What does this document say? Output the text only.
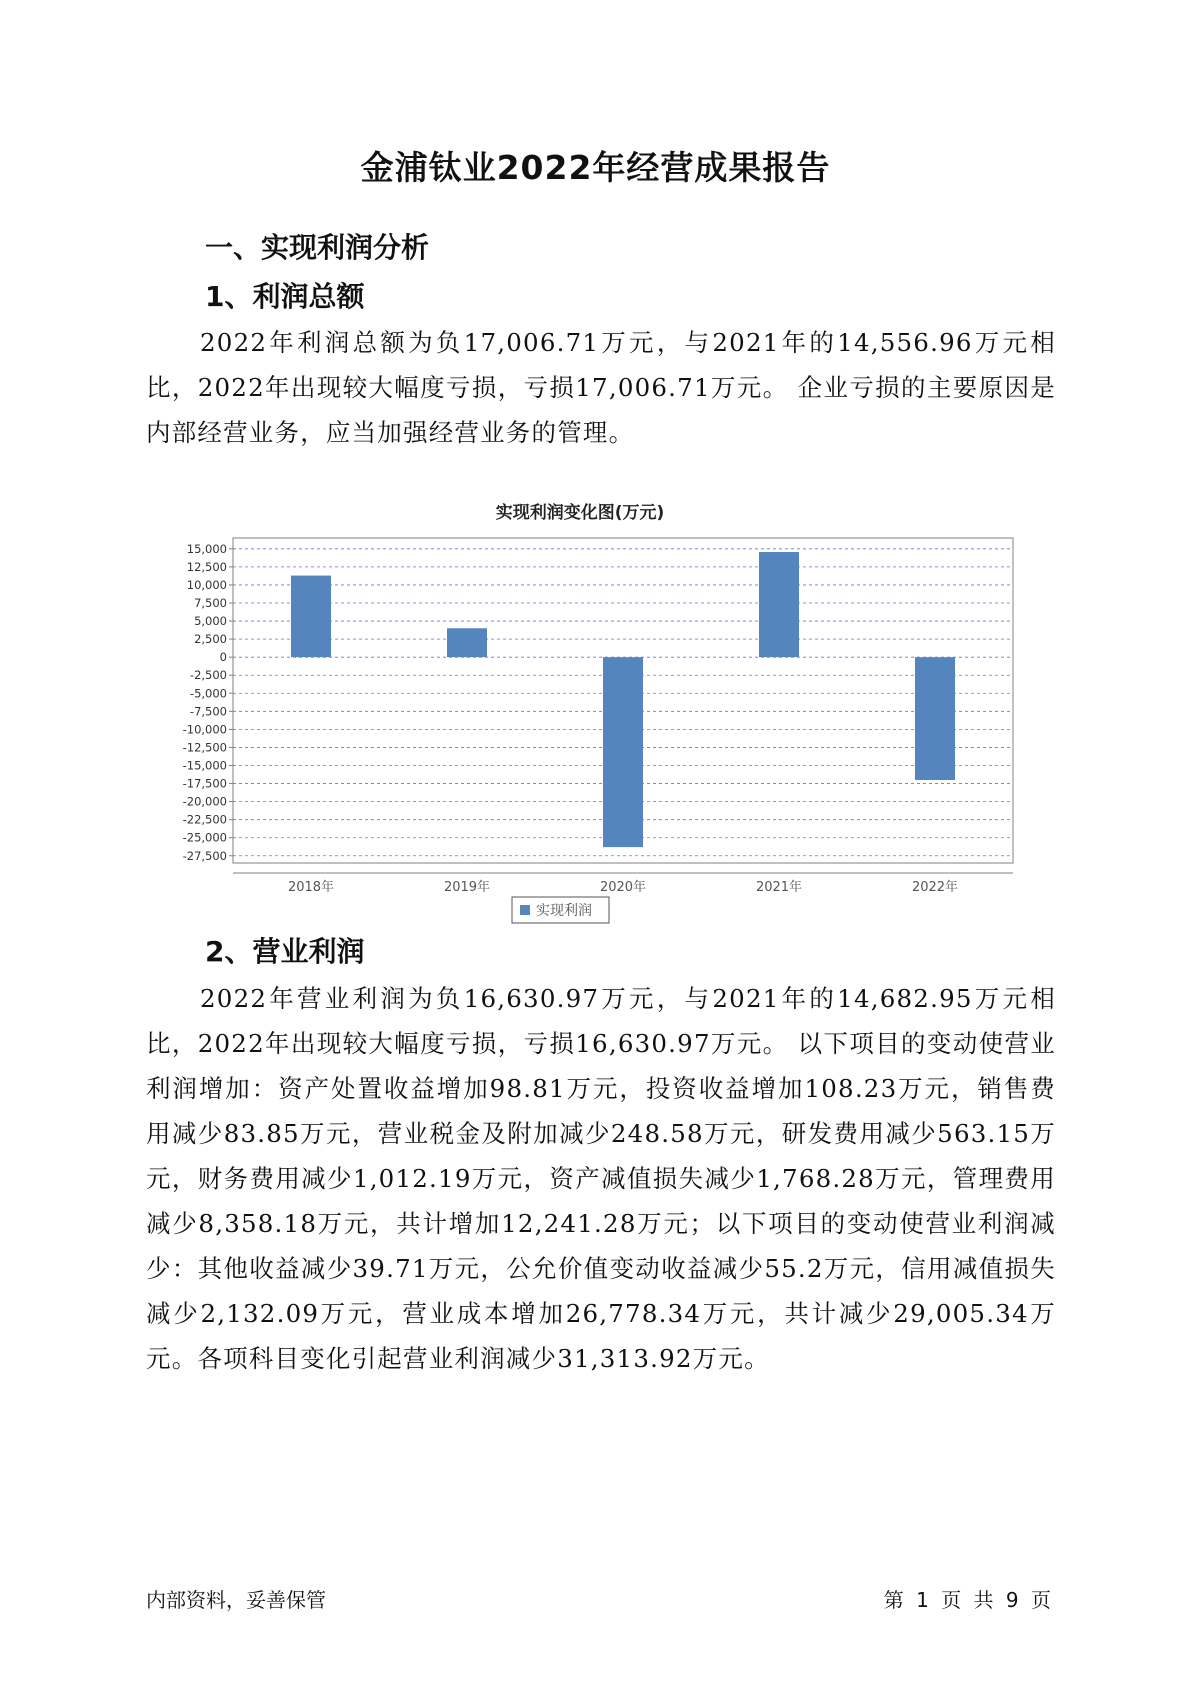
金浦钛业2022年经营成果报告
一、实现利润分析
1、利润总额

2022年利润总额为负17,006.71万元，与2021年的14,556.96万元相比，2022年出现较大幅度亏损，亏损17,006.71万元。 企业亏损的主要原因是内部经营业务，应当加强经营业务的管理。

实现利润变化图(万元)
15,000
12,500
10,000
7,500
5,000
2,500
0
-2,500
-5,000
-7,500
-10,000
-12,500
-15,000
-17,500
-20,000
-22,500
-25,000
-27,500
2018年	2019年	2020年	2021年	2022年
实现利润
2、营业利润

2022年营业利润为负16,630.97万元，与2021年的14,682.95万元相比，2022年出现较大幅度亏损，亏损16,630.97万元。 以下项目的变动使营业利润增加：资产处置收益增加98.81万元，投资收益增加108.23万元，销售费用减少83.85万元，营业税金及附加减少248.58万元，研发费用减少563.15万元，财务费用减少1,012.19万元，资产减值损失减少1,768.28万元，管理费用减少8,358.18万元，共计增加12,241.28万元；以下项目的变动使营业利润减少：其他收益减少39.71万元，公允价值变动收益减少55.2万元，信用减值损失减少2,132.09万元，营业成本增加26,778.34万元，共计减少29,005.34万元。各项科目变化引起营业利润减少31,313.92万元。

内部资料，妥善保管	第 1 页 共 9 页
